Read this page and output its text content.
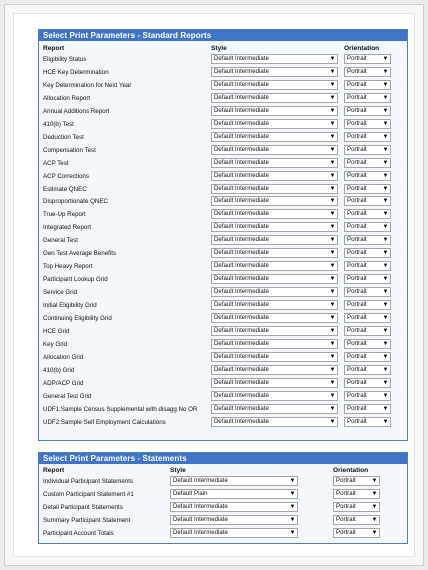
Select Print Parameters - Standard Reports
Report	Style	Orientation
Eligibility Status	Default Intermediate ▼	Portrait
▼
HCE Key Determination	Default Intermediate ▼	Portrait
▼
Key Determination for Next Year	Default Intermediate ▼	Portrait
▼
Allocation Report	Default Intermediate ▼	Portrait
▼
Annual Additions Report	Default Intermediate ▼	Portrait
▼
410(b) Test	Default Intermediate ▼	Portrait
▼
Deduction Test	Default Intermediate ▼	Portrait
▼
Compensation Test	Default Intermediate ▼	Portrait
▼
ACP Test	Default Intermediate ▼	Portrait
▼
ACP Corrections	Default Intermediate ▼	Portrait
▼
Estimate QNEC	Default Intermediate ▼	Portrait
▼
Disproportionate QNEC	Default Intermediate ▼	Portrait
▼
True-Up Report	Default Intermediate ▼	Portrait
▼
Integrated Report	Default Intermediate ▼	Portrait
▼
General Test	Default Intermediate ▼	Portrait
▼
Gen Test Average Benefits	Default Intermediate ▼	Portrait
▼
Top Heavy Report	Default Intermediate ▼	Portrait
▼
Participant Lookup Grid	Default Intermediate ▼	Portrait
▼
Service Grid	Default Intermediate ▼	Portrait
▼
Initial Eligibility Grid	Default Intermediate ▼	Portrait
▼
Continuing Eligibility Grid	Default Intermediate ▼	Portrait
▼
HCE Grid	Default Intermediate ▼	Portrait
▼
Key Grid	Default Intermediate ▼	Portrait
▼
Allocation Grid	Default Intermediate ▼	Portrait
▼
410(b) Grid	Default Intermediate ▼	Portrait
▼
ADP/ACP Grid	Default Intermediate ▼	Portrait
▼
General Test Grid	Default Intermediate ▼	Portrait
▼
UDF1:Sample Census Supplemental with disagg No OR	Default Intermediate ▼	Portrait
▼
UDF2:Sample Self Employment Calculations	Default Intermediate ▼	Portrait
▼
Select Print Parameters - Statements
Report	Style	Orientation
Individual Participant Statements	Default Intermediate ▼	Portrait
▼
Custom Participant Statement #1	Default Plain ▼	Portrait
▼
Detail Participant Statements	Default Intermediate ▼	Portrait
▼
Summary Participant Statement	Default Intermediate ▼	Portrait
▼
Participant Account Totals	Default Intermediate ▼	Portrait
▼
